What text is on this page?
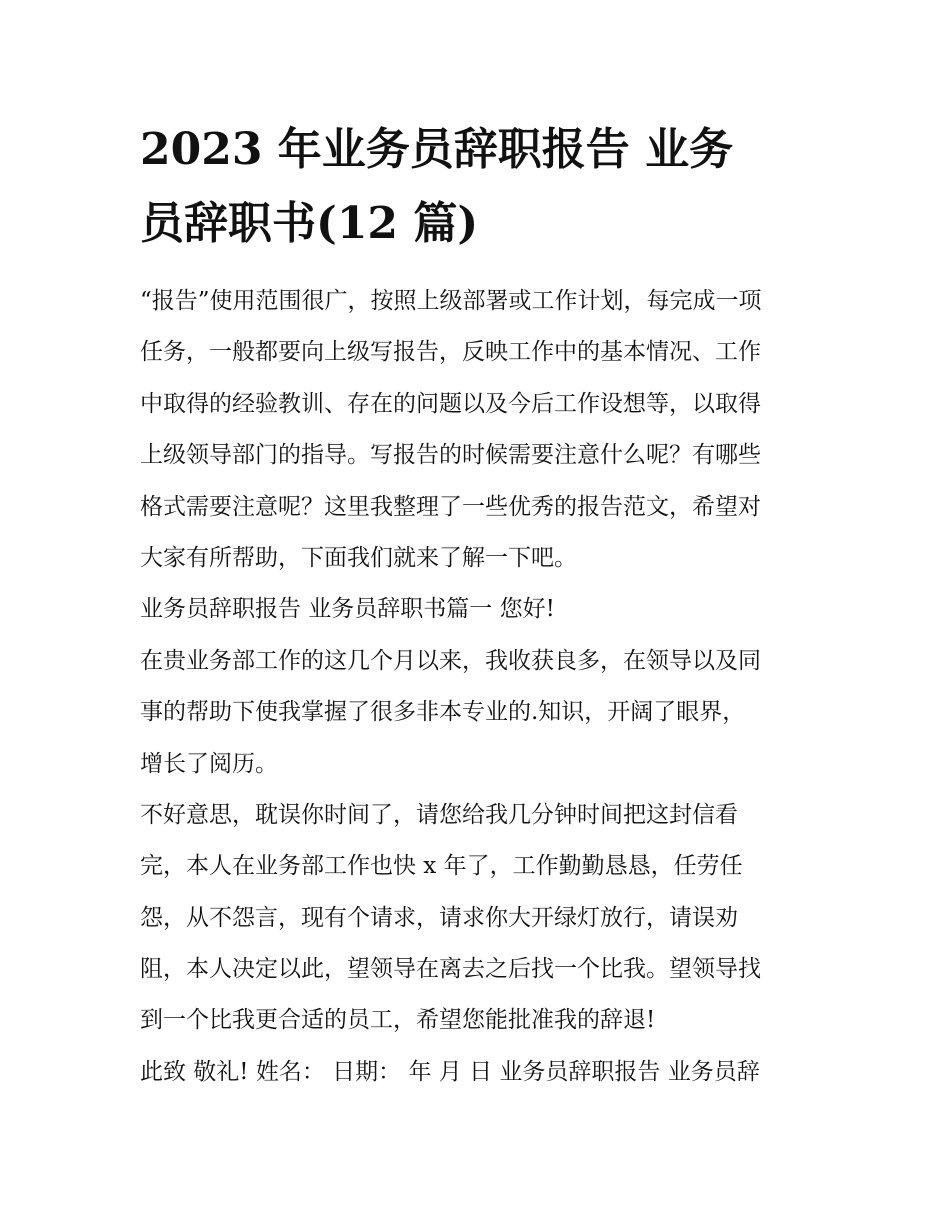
2023 年业务员辞职报告 业务
员辞职书(12 篇)
“报告”使用范围很广，按照上级部署或工作计划，每完成一项
任务，一般都要向上级写报告，反映工作中的基本情况、工作
中取得的经验教训、存在的问题以及今后工作设想等，以取得
上级领导部门的指导。写报告的时候需要注意什么呢？有哪些
格式需要注意呢？这里我整理了一些优秀的报告范文，希望对
大家有所帮助，下面我们就来了解一下吧。
业务员辞职报告 业务员辞职书篇一 您好!
在贵业务部工作的这几个月以来，我收获良多，在领导以及同
事的帮助下使我掌握了很多非本专业的.知识，开阔了眼界，
增长了阅历。
不好意思，耽误你时间了，请您给我几分钟时间把这封信看
完，本人在业务部工作也快 x 年了，工作勤勤恳恳，任劳任
怨，从不怨言，现有个请求，请求你大开绿灯放行，请误劝
阻，本人决定以此，望领导在离去之后找一个比我。望领导找
到一个比我更合适的员工，希望您能批准我的辞退!
此致 敬礼! 姓名： 日期： 年 月 日 业务员辞职报告 业务员辞
